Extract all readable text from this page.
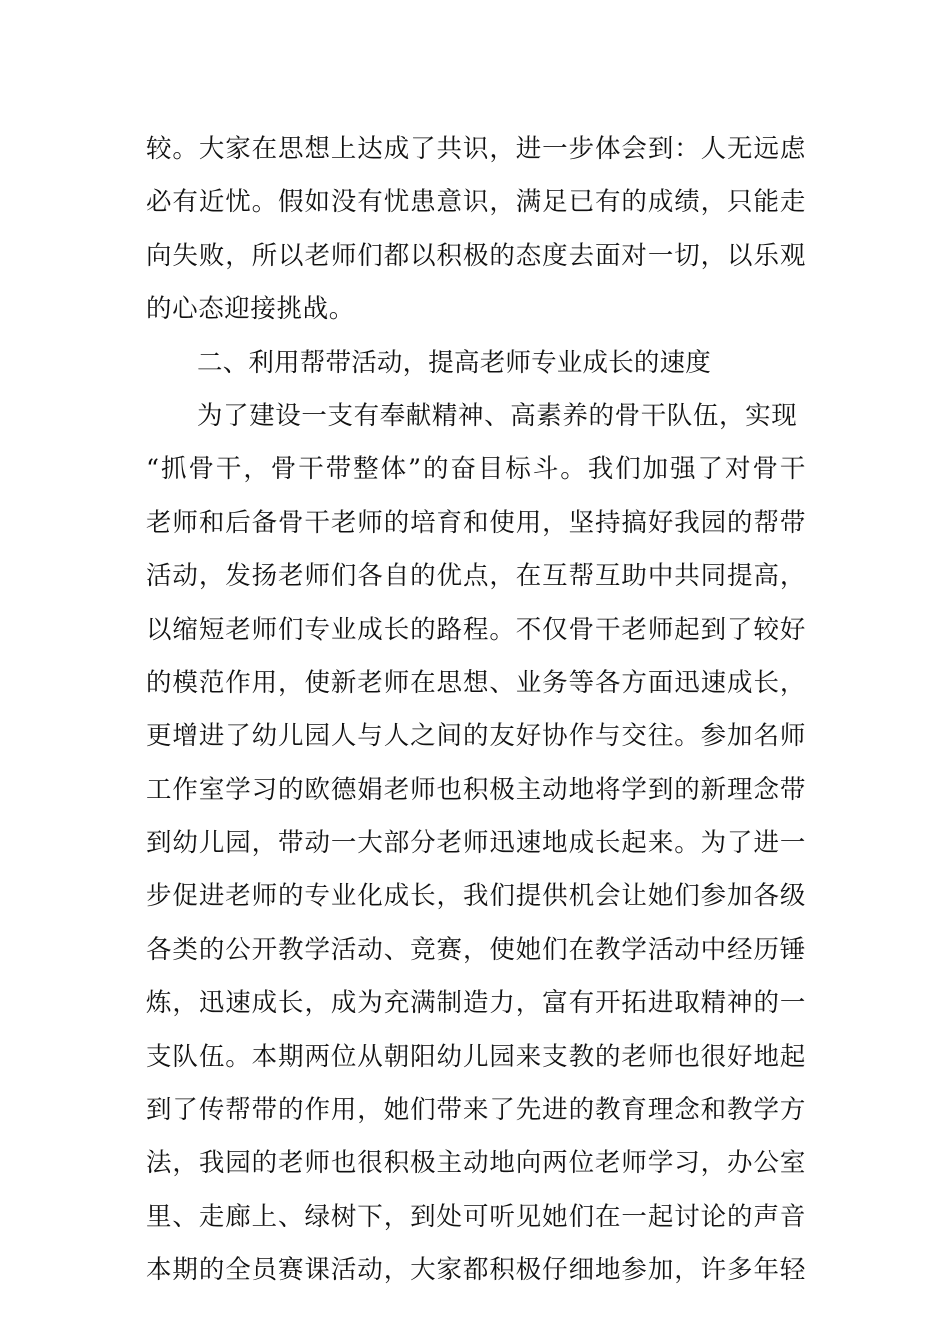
较。大家在思想上达成了共识，进一步体会到：人无远虑
必有近忧。假如没有忧患意识，满足已有的成绩，只能走
向失败，所以老师们都以积极的态度去面对一切，以乐观
的心态迎接挑战。
二、利用帮带活动，提高老师专业成长的速度
为了建设一支有奉献精神、高素养的骨干队伍，实现
“抓骨干，骨干带整体”的奋目标斗。我们加强了对骨干
老师和后备骨干老师的培育和使用，坚持搞好我园的帮带
活动，发扬老师们各自的优点，在互帮互助中共同提高，
以缩短老师们专业成长的路程。不仅骨干老师起到了较好
的模范作用，使新老师在思想、业务等各方面迅速成长，
更增进了幼儿园人与人之间的友好协作与交往。参加名师
工作室学习的欧德娟老师也积极主动地将学到的新理念带
到幼儿园，带动一大部分老师迅速地成长起来。为了进一
步促进老师的专业化成长，我们提供机会让她们参加各级
各类的公开教学活动、竞赛，使她们在教学活动中经历锤
炼，迅速成长，成为充满制造力，富有开拓进取精神的一
支队伍。本期两位从朝阳幼儿园来支教的老师也很好地起
到了传帮带的作用，她们带来了先进的教育理念和教学方
法，我园的老师也很积极主动地向两位老师学习，办公室
里、走廊上、绿树下，到处可听见她们在一起讨论的声音
本期的全员赛课活动，大家都积极仔细地参加，许多年轻
